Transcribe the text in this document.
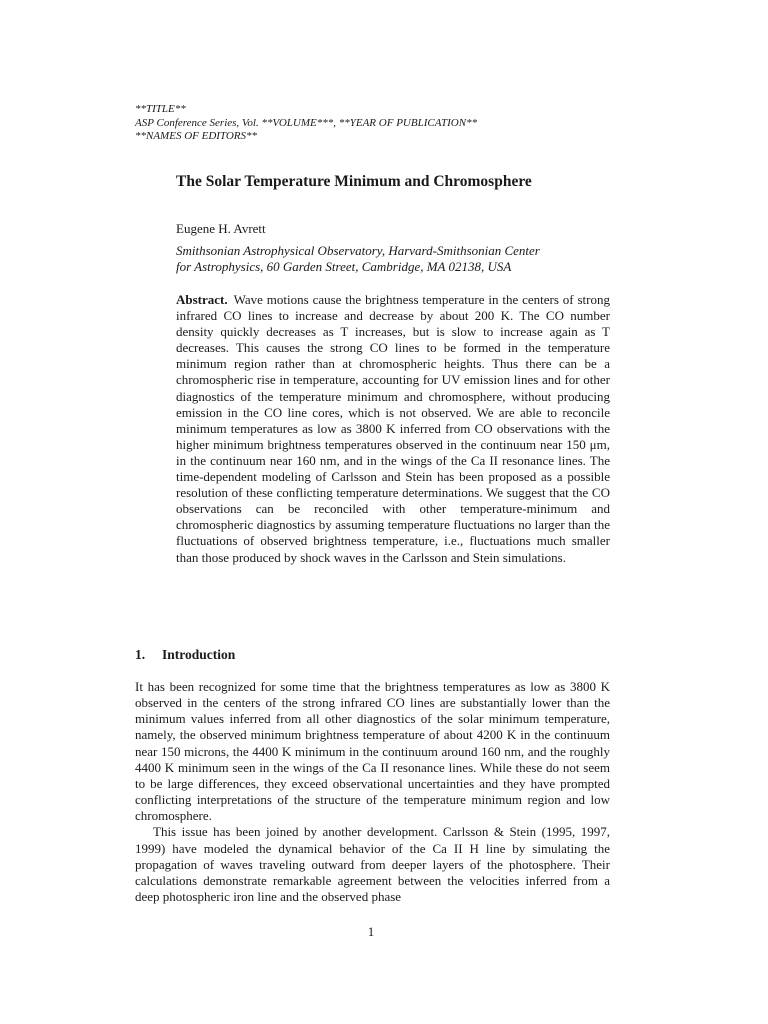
**TITLE**
ASP Conference Series, Vol. **VOLUME***, **YEAR OF PUBLICATION**
**NAMES OF EDITORS**
The Solar Temperature Minimum and Chromosphere
Eugene H. Avrett
Smithsonian Astrophysical Observatory, Harvard-Smithsonian Center
for Astrophysics, 60 Garden Street, Cambridge, MA 02138, USA
Abstract. Wave motions cause the brightness temperature in the centers of strong infrared CO lines to increase and decrease by about 200 K. The CO number density quickly decreases as T increases, but is slow to increase again as T decreases. This causes the strong CO lines to be formed in the temperature minimum region rather than at chromospheric heights. Thus there can be a chromospheric rise in temperature, accounting for UV emission lines and for other diagnostics of the temperature minimum and chromosphere, without producing emission in the CO line cores, which is not observed. We are able to reconcile minimum temperatures as low as 3800 K inferred from CO observations with the higher minimum brightness temperatures observed in the continuum near 150 μm, in the continuum near 160 nm, and in the wings of the Ca II resonance lines. The time-dependent modeling of Carlsson and Stein has been proposed as a possible resolution of these conflicting temperature determinations. We suggest that the CO observations can be reconciled with other temperature-minimum and chromospheric diagnostics by assuming temperature fluctuations no larger than the fluctuations of observed brightness temperature, i.e., fluctuations much smaller than those produced by shock waves in the Carlsson and Stein simulations.
1. Introduction

It has been recognized for some time that the brightness temperatures as low as 3800 K observed in the centers of the strong infrared CO lines are substantially lower than the minimum values inferred from all other diagnostics of the solar minimum temperature, namely, the observed minimum brightness temperature of about 4200 K in the continuum near 150 microns, the 4400 K minimum in the continuum around 160 nm, and the roughly 4400 K minimum seen in the wings of the Ca II resonance lines. While these do not seem to be large differences, they exceed observational uncertainties and they have prompted conflicting interpretations of the structure of the temperature minimum region and low chromosphere.

This issue has been joined by another development. Carlsson & Stein (1995, 1997, 1999) have modeled the dynamical behavior of the Ca II H line by simulating the propagation of waves traveling outward from deeper layers of the photosphere. Their calculations demonstrate remarkable agreement between the velocities inferred from a deep photospheric iron line and the observed phase

1
